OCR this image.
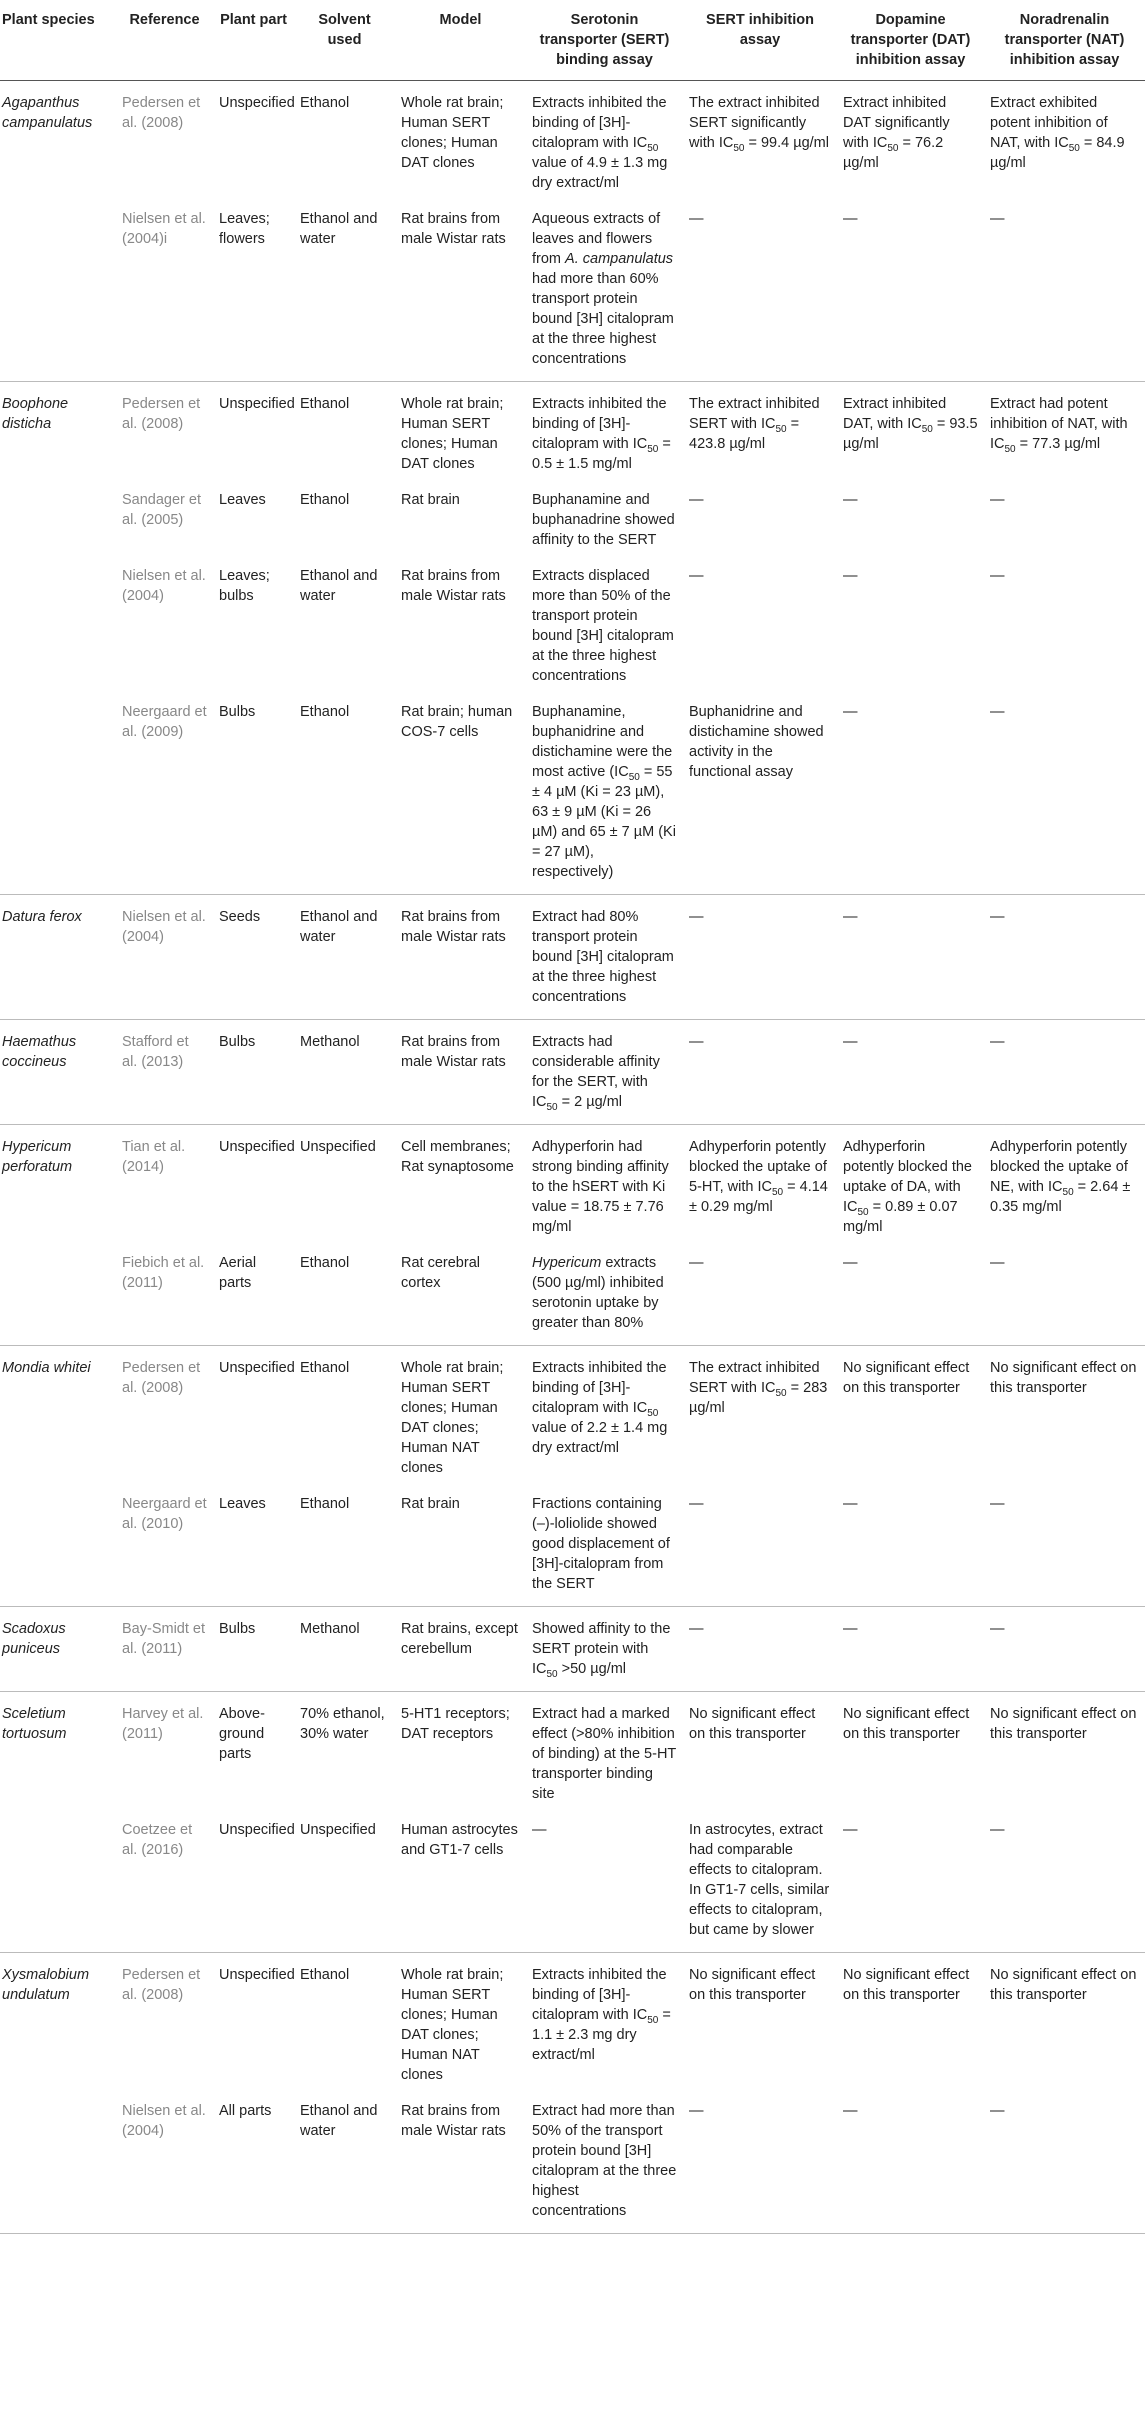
Plant species	Reference	Plant part	Solvent used	Model	Serotonin transporter (SERT) binding assay	SERT inhibition assay	Dopamine transporter (DAT) inhibition assay	Noradrenalin transporter (NAT) inhibition assay
Agapanthus campanulatus	Pedersen et al. (2008)	Unspecified	Ethanol	Whole rat brain; Human SERT clones; Human DAT clones	Extracts inhibited the binding of [3H]-citalopram with $IC_{50}$ value of 4.9 ± 1.3 mg dry extract/ml	The extract inhibited SERT significantly with $IC_{50} = 99.4$ µg/ml	Extract inhibited DAT significantly with $IC_{50} = 76.2$ µg/ml	Extract exhibited potent inhibition of NAT, with $IC_{50} = 84.9$ µg/ml
	Nielsen et al. (2004)i	Leaves; flowers	Ethanol and water	Rat brains from male Wistar rats	Aqueous extracts of leaves and flowers from A. campanulatus had more than 60% transport protein bound [3H] citalopram at the three highest concentrations	—	—	—
Boophone disticha	Pedersen et al. (2008)	Unspecified	Ethanol	Whole rat brain; Human SERT clones; Human DAT clones	Extracts inhibited the binding of [3H]-citalopram with $IC_{50} = 0.5 \pm 1.5$ mg/ml	The extract inhibited SERT with $IC_{50} = 423.8$ µg/ml	Extract inhibited DAT, with $IC_{50} = 93.5$ µg/ml	Extract had potent inhibition of NAT, with $IC_{50} = 77.3$ µg/ml
	Sandager et al. (2005)	Leaves	Ethanol	Rat brain	Buphanamine and buphanadrine showed affinity to the SERT	—	—	—
	Nielsen et al. (2004)	Leaves; bulbs	Ethanol and water	Rat brains from male Wistar rats	Extracts displaced more than 50% of the transport protein bound [3H] citalopram at the three highest concentrations	—	—	—
	Neergaard et al. (2009)	Bulbs	Ethanol	Rat brain; human COS-7 cells	Buphanamine, buphanidrine and distichamine were the most active ($IC_{50} = 55 \pm 4$ µM (Ki = 23 µM), 63 ± 9 µM (Ki = 26 µM) and 65 ± 7 µM (Ki = 27 µM), respectively)	Buphanidrine and distichamine showed activity in the functional assay	—	—
Datura ferox	Nielsen et al. (2004)	Seeds	Ethanol and water	Rat brains from male Wistar rats	Extract had 80% transport protein bound [3H] citalopram at the three highest concentrations	—	—	—
Haemathus coccineus	Stafford et al. (2013)	Bulbs	Methanol	Rat brains from male Wistar rats	Extracts had considerable affinity for the SERT, with $IC_{50} = 2$ µg/ml	—	—	—
Hypericum perforatum	Tian et al. (2014)	Unspecified	Unspecified	Cell membranes; Rat synaptosome	Adhyperforin had strong binding affinity to the hSERT with Ki value = 18.75 ± 7.76 mg/ml	Adhyperforin potently blocked the uptake of 5-HT, with $IC_{50} = 4.14 \pm 0.29$ mg/ml	Adhyperforin potently blocked the uptake of DA, with $IC_{50} = 0.89 \pm 0.07$ mg/ml	Adhyperforin potently blocked the uptake of NE, with $IC_{50} = 2.64 \pm 0.35$ mg/ml
	Fiebich et al. (2011)	Aerial parts	Ethanol	Rat cerebral cortex	Hypericum extracts (500 µg/ml) inhibited serotonin uptake by greater than 80%	—	—	—
Mondia whitei	Pedersen et al. (2008)	Unspecified	Ethanol	Whole rat brain; Human SERT clones; Human DAT clones; Human NAT clones	Extracts inhibited the binding of [3H]-citalopram with $IC_{50}$ value of 2.2 ± 1.4 mg dry extract/ml	The extract inhibited SERT with $IC_{50} = 283$ µg/ml	No significant effect on this transporter	No significant effect on this transporter
	Neergaard et al. (2010)	Leaves	Ethanol	Rat brain	Fractions containing (–)-loliolide showed good displacement of [3H]-citalopram from the SERT	—	—	—
Scadoxus puniceus	Bay-Smidt et al. (2011)	Bulbs	Methanol	Rat brains, except cerebellum	Showed affinity to the SERT protein with $IC_{50} >50$ µg/ml	—	—	—
Sceletium tortuosum	Harvey et al. (2011)	Above-ground parts	70% ethanol, 30% water	5-HT1 receptors; DAT receptors	Extract had a marked effect (>80% inhibition of binding) at the 5-HT transporter binding site	No significant effect on this transporter	No significant effect on this transporter	No significant effect on this transporter
	Coetzee et al. (2016)	Unspecified	Unspecified	Human astrocytes and GT1-7 cells	—	In astrocytes, extract had comparable effects to citalopram. In GT1-7 cells, similar effects to citalopram, but came by slower	—	—
Xysmalobium undulatum	Pedersen et al. (2008)	Unspecified	Ethanol	Whole rat brain; Human SERT clones; Human DAT clones; Human NAT clones	Extracts inhibited the binding of [3H]-citalopram with $IC_{50} = 1.1 \pm 2.3$ mg dry extract/ml	No significant effect on this transporter	No significant effect on this transporter	No significant effect on this transporter
	Nielsen et al. (2004)	All parts	Ethanol and water	Rat brains from male Wistar rats	Extract had more than 50% of the transport protein bound [3H] citalopram at the three highest concentrations	—	—	—
